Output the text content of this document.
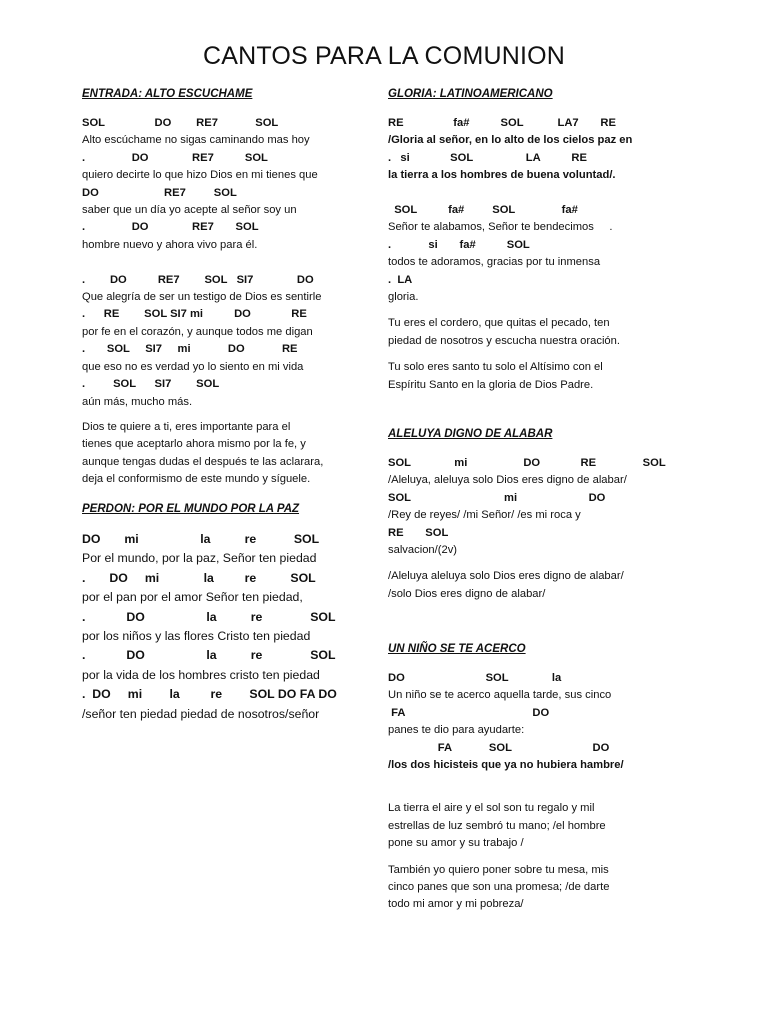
CANTOS PARA LA COMUNION
ENTRADA: ALTO ESCUCHAME
SOL                DO        RE7            SOL
Alto escúchame no sigas caminando mas hoy
.               DO              RE7          SOL
quiero decirte lo que hizo Dios en mi tienes que
DO                     RE7         SOL
saber que un día yo acepte al señor soy un
.               DO              RE7       SOL
hombre nuevo y ahora vivo para él.

.        DO          RE7        SOL   SI7              DO
Que alegría de ser un testigo de Dios es sentirle
.      RE        SOL SI7 mi          DO             RE
por fe en el corazón, y aunque todos me digan
.       SOL     SI7     mi            DO            RE
que eso no es verdad yo lo siento en mi vida
.         SOL      SI7        SOL
aún más, mucho más.
Dios te quiere a ti, eres importante para el
tienes que aceptarlo ahora mismo por la fe, y
aunque tengas dudas el después te las aclarara,
deja el conformismo de este mundo y síguele.
PERDON: POR EL MUNDO POR LA PAZ
DO       mi                  la          re           SOL
Por el mundo, por la paz, Señor ten piedad
.       DO     mi             la         re          SOL
por el pan por el amor Señor ten piedad,
.            DO                  la          re              SOL
por los niños y las flores Cristo ten piedad
.            DO                  la          re              SOL
por la vida de los hombres cristo ten piedad
.  DO     mi        la         re        SOL DO FA DO
/señor ten piedad piedad de nosotros/señor
GLORIA: LATINOAMERICANO
RE                fa#          SOL           LA7       RE
/Gloria al señor, en lo alto de los cielos paz en
.   si             SOL                 LA          RE
la tierra a los hombres de buena voluntad/.

SOL          fa#         SOL               fa#
Señor te alabamos, Señor te bendecimos     .
.            si       fa#          SOL
todos te adoramos, gracias por tu inmensa
.  LA
gloria.
Tu eres el cordero, que quitas el pecado, ten
piedad de nosotros y escucha nuestra oración.
Tu solo eres santo tu solo el Altísimo con el
Espíritu Santo en la gloria de Dios Padre.
ALELUYA DIGNO DE ALABAR
SOL              mi                  DO             RE               SOL
/Aleluya, aleluya solo Dios eres digno de alabar/
SOL                              mi                       DO
/Rey de reyes/ /mi Señor/ /es mi roca y
RE       SOL
salvacion/(2v)
/Aleluya aleluya solo Dios eres digno de alabar/
/solo Dios eres digno de alabar/
UN NIÑO SE TE ACERCO
DO                          SOL              la
Un niño se te acerco aquella tarde, sus cinco
FA                                         DO
panes te dio para ayudarte:
FA            SOL                          DO
/los dos hicisteis que ya no hubiera hambre/
La tierra el aire y el sol son tu regalo y mil
estrellas de luz sembró tu mano; /el hombre
pone su amor y su trabajo /
También yo quiero poner sobre tu mesa, mis
cinco panes que son una promesa; /de darte
todo mi amor y mi pobreza/
